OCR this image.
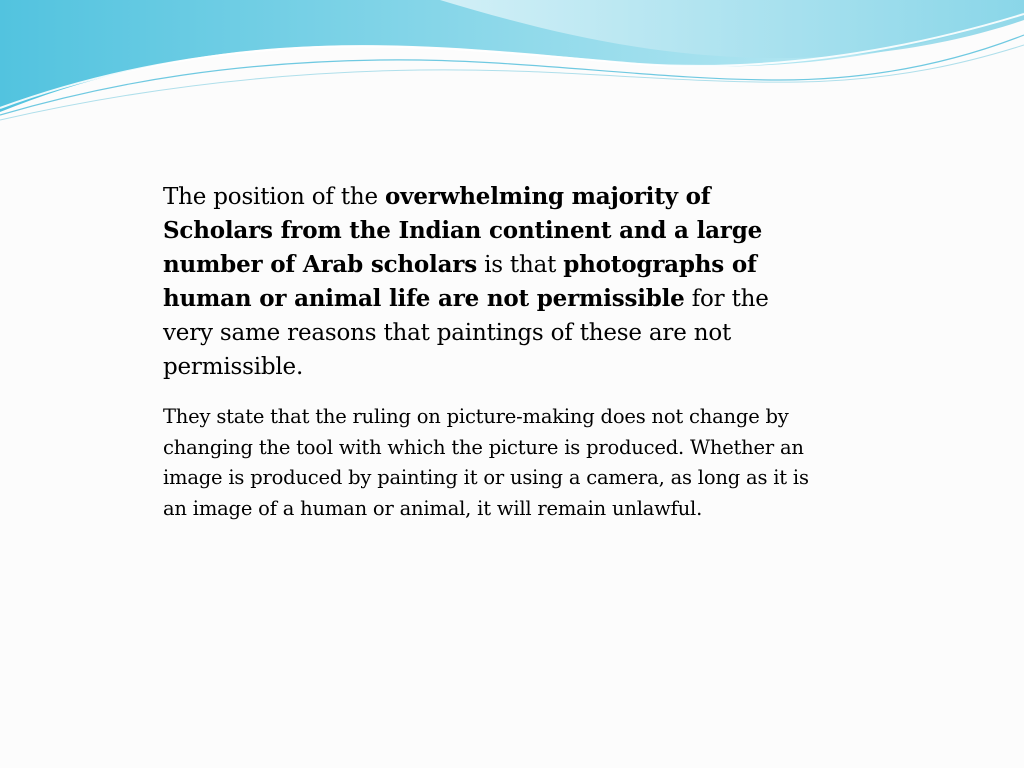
The position of the overwhelming majority of Scholars from the Indian continent and a large number of Arab scholars is that photographs of human or animal life are not permissible for the very same reasons that paintings of these are not permissible.

They state that the ruling on picture-making does not change by changing the tool with which the picture is produced. Whether an image is produced by painting it or using a camera, as long as it is an image of a human or animal, it will remain unlawful.
